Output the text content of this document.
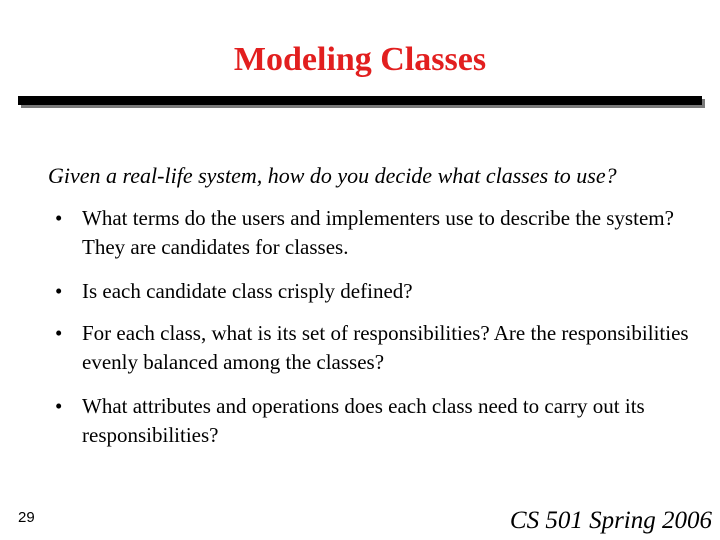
Modeling Classes
Given a real-life system, how do you decide what classes to use?
• What terms do the users and implementers use to describe the system? They are candidates for classes.
• Is each candidate class crisply defined?
• For each class, what is its set of responsibilities? Are the responsibilities evenly balanced among the classes?
• What attributes and operations does each class need to carry out its responsibilities?
29	CS 501 Spring 2006
